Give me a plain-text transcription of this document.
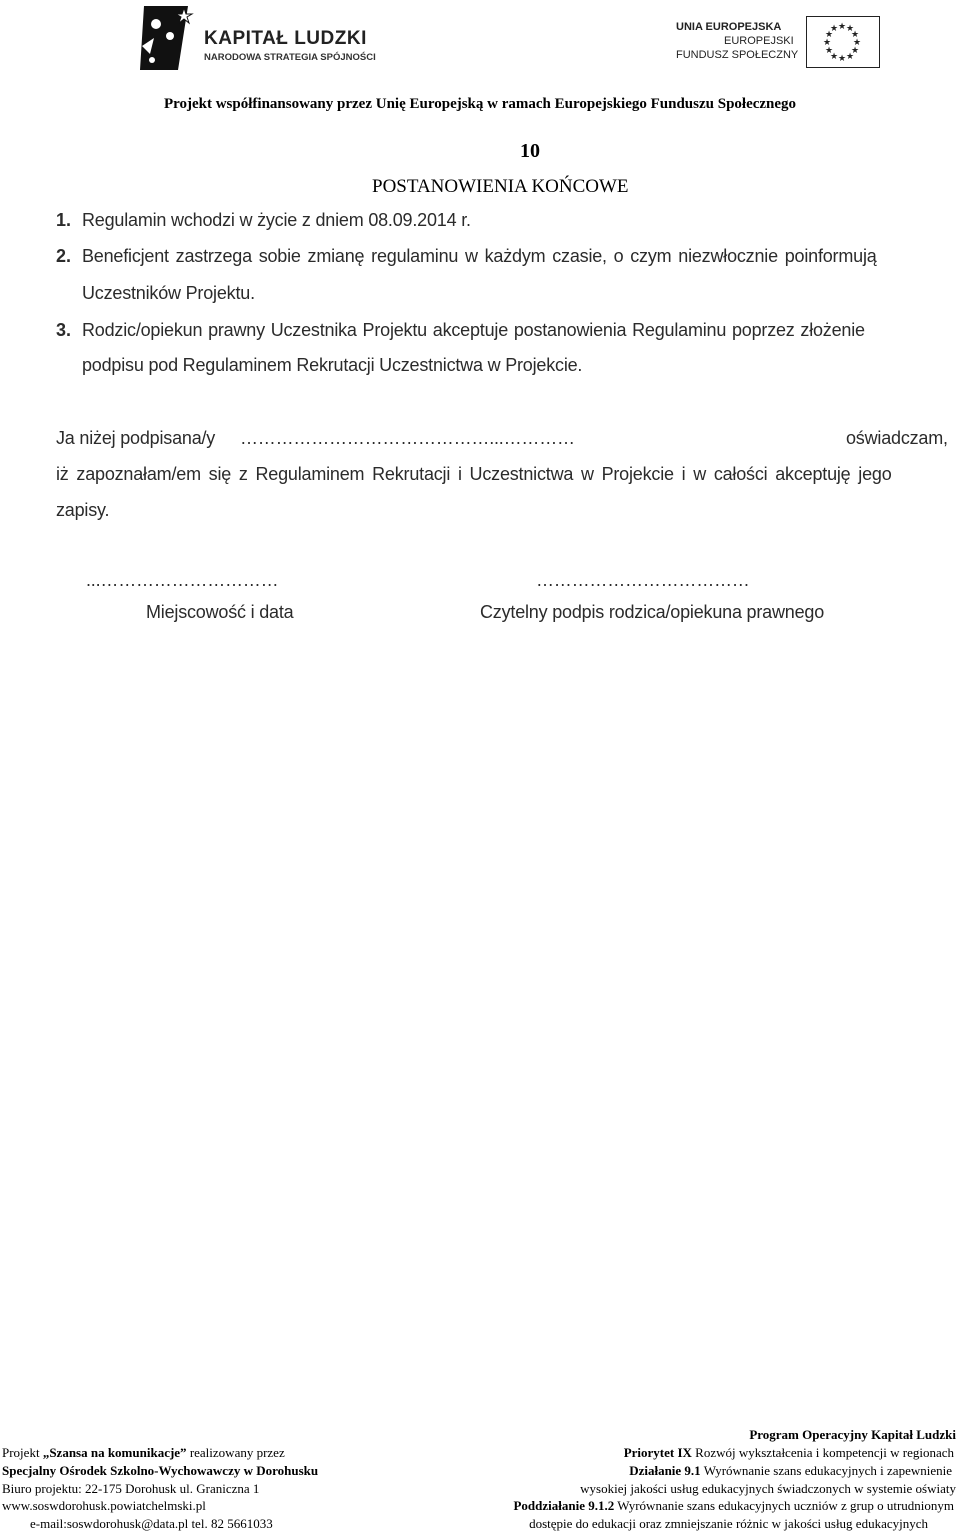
KAPITAŁ LUDZKI
NARODOWA STRATEGIA SPÓJNOŚCI
UNIA EUROPEJSKA
EUROPEJSKI
FUNDUSZ SPOŁECZNY
★ ★
★
★
★
★
★
★
★
★
★
★
Projekt współfinansowany przez Unię Europejską w ramach Europejskiego Funduszu Społecznego
10
POSTANOWIENIA KOŃCOWE
1. Regulamin wchodzi w życie z dniem 08.09.2014 r.
2. Beneficjent zastrzega sobie zmianę regulaminu w każdym czasie, o czym niezwłocznie poinformują
Uczestników Projektu.
3. Rodzic/opiekun prawny Uczestnika Projektu akceptuje postanowienia Regulaminu poprzez złożenie
podpisu pod Regulaminem Rekrutacji Uczestnictwa w Projekcie.
Ja niżej podpisana/y ……………………………………...…………	oświadczam,
iż zapoznałam/em się z Regulaminem Rekrutacji i Uczestnictwa w Projekcie i w całości akceptuję jego
zapisy.
...…………………………
Miejscowość i data
………………………………
Czytelny podpis rodzica/opiekuna prawnego
Projekt „Szansa na komunikacje” realizowany przez
Specjalny Ośrodek Szkolno-Wychowawczy w Dorohusku
Biuro projektu: 22-175 Dorohusk ul. Graniczna 1
www.soswdorohusk.powiatchelmski.pl
e-mail:soswdorohusk@data.pl tel. 82 5661033
Program Operacyjny Kapitał Ludzki
Priorytet IX Rozwój wykształcenia i kompetencji w regionach
Działanie 9.1 Wyrównanie szans edukacyjnych i zapewnienie
wysokiej jakości usług edukacyjnych świadczonych w systemie oświaty
Poddziałanie 9.1.2 Wyrównanie szans edukacyjnych uczniów z grup o utrudnionym
dostępie do edukacji oraz zmniejszanie różnic w jakości usług edukacyjnych
